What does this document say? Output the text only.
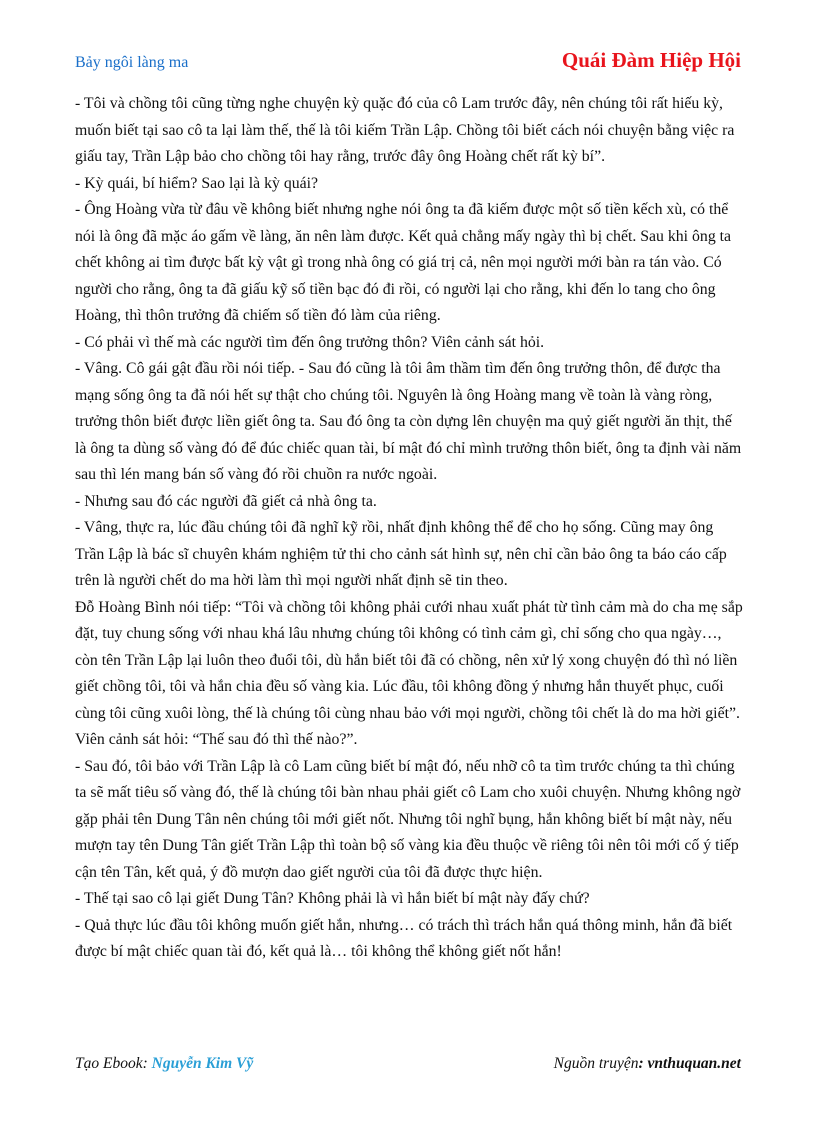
Bảy ngôi làng ma	Quái Đàm Hiệp Hội

- Tôi và chồng tôi cũng từng nghe chuyện kỳ quặc đó của cô Lam trước đây, nên chúng tôi rất hiếu kỳ, muốn biết tại sao cô ta lại làm thế, thế là tôi kiếm Trần Lập. Chồng tôi biết cách nói chuyện bằng việc ra giấu tay, Trần Lập bảo cho chồng tôi hay rằng, trước đây ông Hoàng chết rất kỳ bí”.

- Kỳ quái, bí hiểm? Sao lại là kỳ quái?

- Ông Hoàng vừa từ đâu về không biết nhưng nghe nói ông ta đã kiếm được một số tiền kếch xù, có thể nói là ông đã mặc áo gấm về làng, ăn nên làm được. Kết quả chẳng mấy ngày thì bị chết. Sau khi ông ta chết không ai tìm được bất kỳ vật gì trong nhà ông có giá trị cả, nên mọi người mới bàn ra tán vào. Có người cho rằng, ông ta đã giấu kỹ số tiền bạc đó đi rồi, có người lại cho rằng, khi đến lo tang cho ông Hoàng, thì thôn trưởng đã chiếm số tiền đó làm của riêng.

- Có phải vì thế mà các người tìm đến ông trưởng thôn? Viên cảnh sát hỏi.

- Vâng. Cô gái gật đầu rồi nói tiếp. - Sau đó cũng là tôi âm thầm tìm đến ông trưởng thôn, để được tha mạng sống ông ta đã nói hết sự thật cho chúng tôi. Nguyên là ông Hoàng mang về toàn là vàng ròng, trưởng thôn biết được liền giết ông ta. Sau đó ông ta còn dựng lên chuyện ma quỷ giết người ăn thịt, thế là ông ta dùng số vàng đó để đúc chiếc quan tài, bí mật đó chỉ mình trưởng thôn biết, ông ta định vài năm sau thì lén mang bán số vàng đó rồi chuồn ra nước ngoài.

- Nhưng sau đó các người đã giết cả nhà ông ta.

- Vâng, thực ra, lúc đầu chúng tôi đã nghĩ kỹ rồi, nhất định không thể để cho họ sống. Cũng may ông Trần Lập là bác sĩ chuyên khám nghiệm tử thi cho cảnh sát hình sự, nên chỉ cần bảo ông ta báo cáo cấp trên là người chết do ma hời làm thì mọi người nhất định sẽ tin theo.

Đỗ Hoàng Bình nói tiếp: “Tôi và chồng tôi không phải cưới nhau xuất phát từ tình cảm mà do cha mẹ sắp đặt, tuy chung sống với nhau khá lâu nhưng chúng tôi không có tình cảm gì, chỉ sống cho qua ngày…, còn tên Trần Lập lại luôn theo đuổi tôi, dù hắn biết tôi đã có chồng, nên xử lý xong chuyện đó thì nó liền giết chồng tôi, tôi và hắn chia đều số vàng kia. Lúc đầu, tôi không đồng ý nhưng hắn thuyết phục, cuối cùng tôi cũng xuôi lòng, thế là chúng tôi cùng nhau bảo với mọi người, chồng tôi chết là do ma hời giết”.

Viên cảnh sát hỏi: “Thế sau đó thì thế nào?”.

- Sau đó, tôi bảo với Trần Lập là cô Lam cũng biết bí mật đó, nếu nhỡ cô ta tìm trước chúng ta thì chúng ta sẽ mất tiêu số vàng đó, thế là chúng tôi bàn nhau phải giết cô Lam cho xuôi chuyện. Nhưng không ngờ gặp phải tên Dung Tân nên chúng tôi mới giết nốt. Nhưng tôi nghĩ bụng, hắn không biết bí mật này, nếu mượn tay tên Dung Tân giết Trần Lập thì toàn bộ số vàng kia đều thuộc về riêng tôi nên tôi mới cố ý tiếp cận tên Tân, kết quả, ý đồ mượn dao giết người của tôi đã được thực hiện.

- Thế tại sao cô lại giết Dung Tân? Không phải là vì hắn biết bí mật này đấy chứ?

- Quả thực lúc đầu tôi không muốn giết hắn, nhưng… có trách thì trách hắn quá thông minh, hắn đã biết được bí mật chiếc quan tài đó, kết quả là… tôi không thể không giết nốt hắn!

Tạo Ebook: Nguyễn Kim Vỹ	Nguồn truyện: vnthuquan.net
